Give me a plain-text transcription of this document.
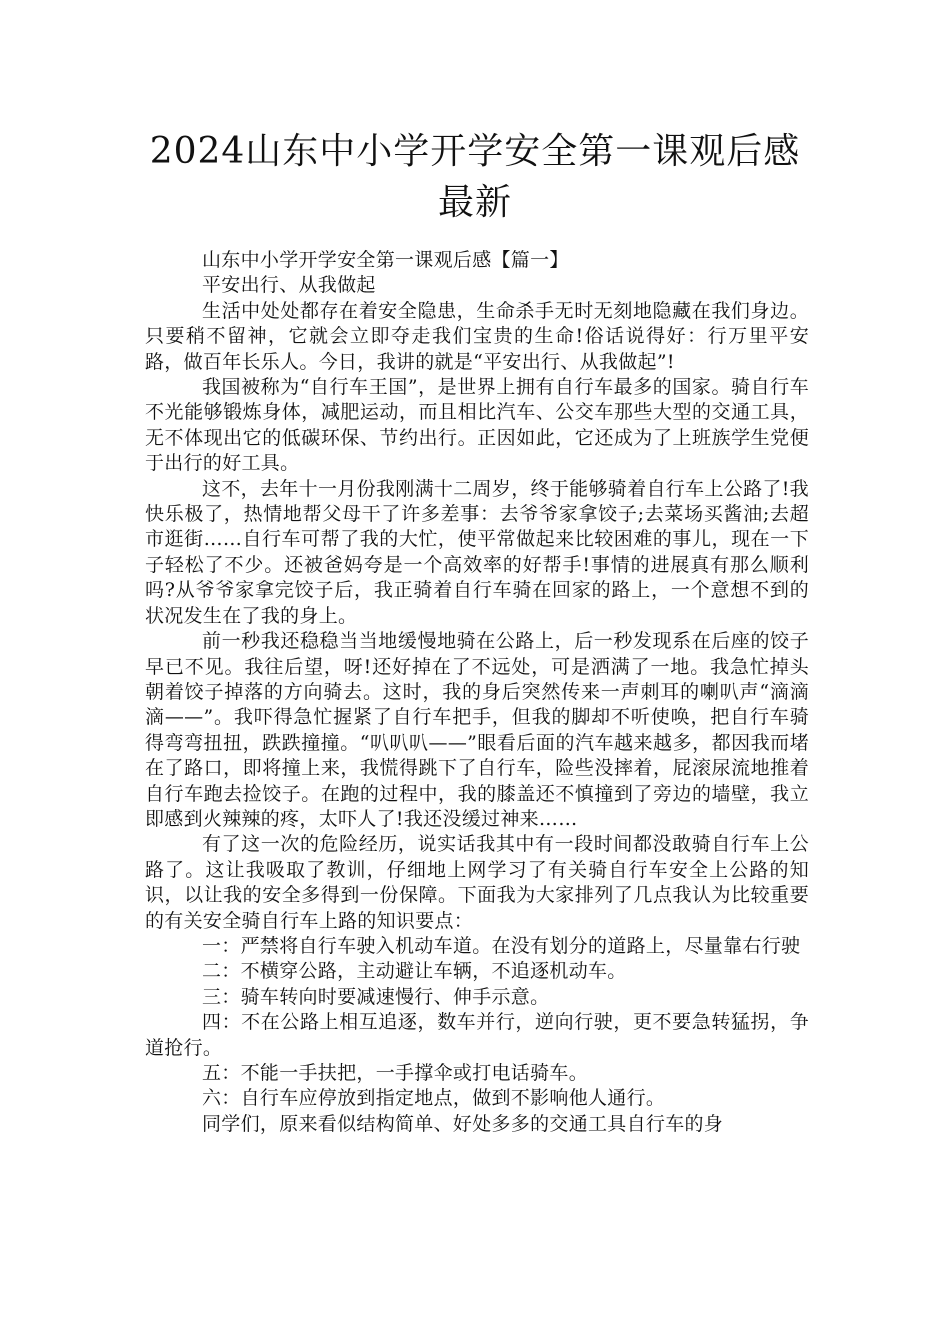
2024山东中小学开学安全第一课观后感最新

山东中小学开学安全第一课观后感【篇一】

平安出行、从我做起

生活中处处都存在着安全隐患，生命杀手无时无刻地隐藏在我们身边。只要稍不留神，它就会立即夺走我们宝贵的生命!俗话说得好：行万里平安路，做百年长乐人。今日，我讲的就是“平安出行、从我做起”!

我国被称为“自行车王国”，是世界上拥有自行车最多的国家。骑自行车不光能够锻炼身体，减肥运动，而且相比汽车、公交车那些大型的交通工具，无不体现出它的低碳环保、节约出行。正因如此，它还成为了上班族学生党便于出行的好工具。

这不，去年十一月份我刚满十二周岁，终于能够骑着自行车上公路了!我快乐极了，热情地帮父母干了许多差事：去爷爷家拿饺子;去菜场买酱油;去超市逛街……自行车可帮了我的大忙，使平常做起来比较困难的事儿，现在一下子轻松了不少。还被爸妈夸是一个高效率的好帮手!事情的进展真有那么顺利吗?从爷爷家拿完饺子后，我正骑着自行车骑在回家的路上，一个意想不到的状况发生在了我的身上。

前一秒我还稳稳当当地缓慢地骑在公路上，后一秒发现系在后座的饺子早已不见。我往后望，呀!还好掉在了不远处，可是洒满了一地。我急忙掉头朝着饺子掉落的方向骑去。这时，我的身后突然传来一声刺耳的喇叭声“滴滴滴——”。我吓得急忙握紧了自行车把手，但我的脚却不听使唤，把自行车骑得弯弯扭扭，跌跌撞撞。“叭叭叭——”眼看后面的汽车越来越多，都因我而堵在了路口，即将撞上来，我慌得跳下了自行车，险些没摔着，屁滚尿流地推着自行车跑去捡饺子。在跑的过程中，我的膝盖还不慎撞到了旁边的墙壁，我立即感到火辣辣的疼，太吓人了!我还没缓过神来……

有了这一次的危险经历，说实话我其中有一段时间都没敢骑自行车上公路了。这让我吸取了教训，仔细地上网学习了有关骑自行车安全上公路的知识，以让我的安全多得到一份保障。下面我为大家排列了几点我认为比较重要的有关安全骑自行车上路的知识要点：

一：严禁将自行车驶入机动车道。在没有划分的道路上，尽量靠右行驶

二：不横穿公路，主动避让车辆，不追逐机动车。

三：骑车转向时要减速慢行、伸手示意。

四：不在公路上相互追逐，数车并行，逆向行驶，更不要急转猛拐，争道抢行。

五：不能一手扶把，一手撑伞或打电话骑车。

六：自行车应停放到指定地点，做到不影响他人通行。

同学们，原来看似结构简单、好处多多的交通工具自行车的身
